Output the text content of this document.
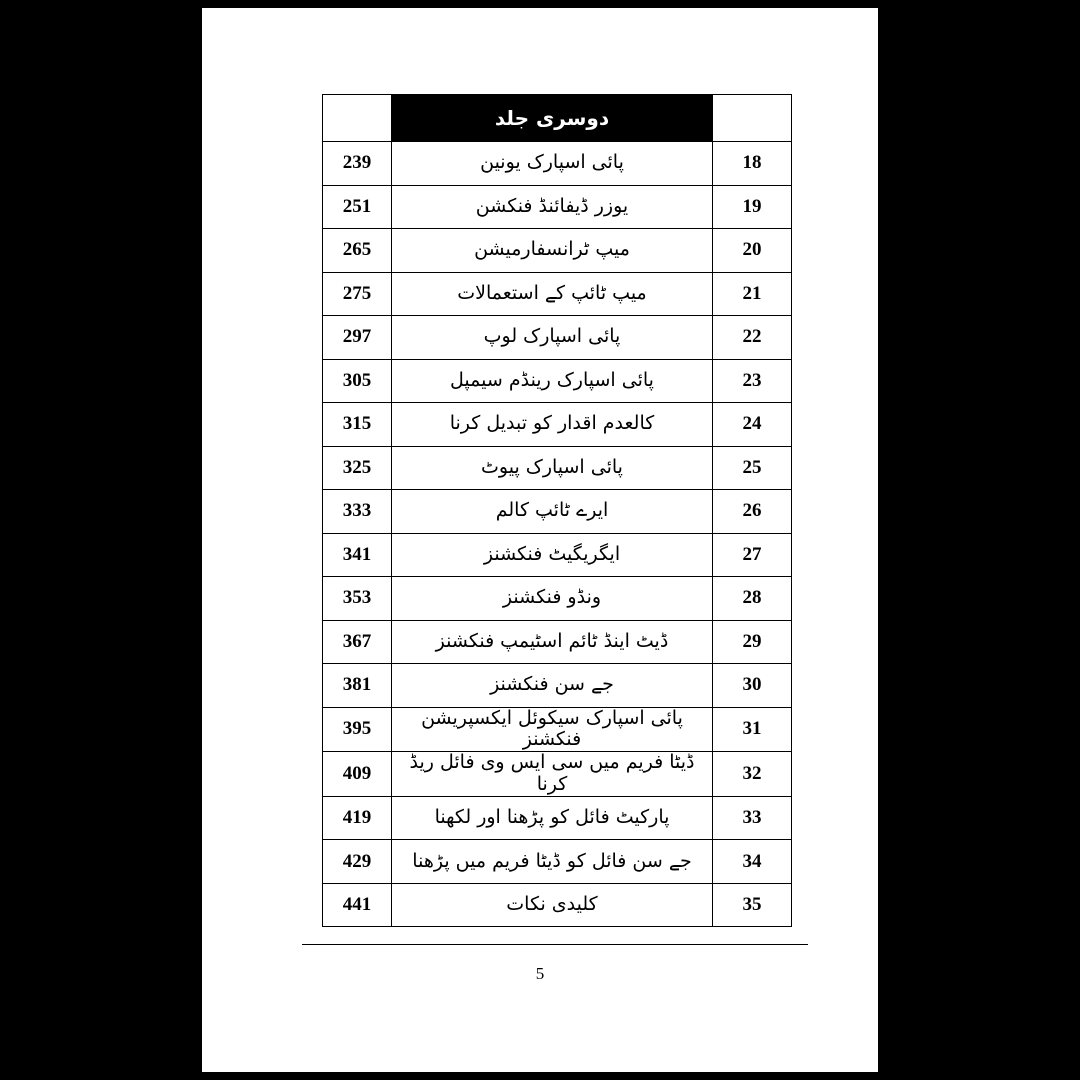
	دوسری جلد	
239	پائی اسپارک یونین	18
251	یوزر ڈیفائنڈ فنکشن	19
265	میپ ٹرانسفارمیشن	20
275	میپ ٹائپ کے استعمالات	21
297	پائی اسپارک لوپ	22
305	پائی اسپارک رینڈم سیمپل	23
315	کالعدم اقدار کو تبدیل کرنا	24
325	پائی اسپارک پیوٹ	25
333	ایرے ٹائپ کالم	26
341	ایگریگیٹ فنکشنز	27
353	ونڈو فنکشنز	28
367	ڈیٹ اینڈ ٹائم اسٹیمپ فنکشنز	29
381	جے سن فنکشنز	30
395	پائی اسپارک سیکوئل ایکسپریشن فنکشنز	31
409	ڈیٹا فریم میں سی ایس وی فائل ریڈ کرنا	32
419	پارکیٹ فائل کو پڑھنا اور لکھنا	33
429	جے سن فائل کو ڈیٹا فریم میں پڑھنا	34
441	کلیدی نکات	35
5
